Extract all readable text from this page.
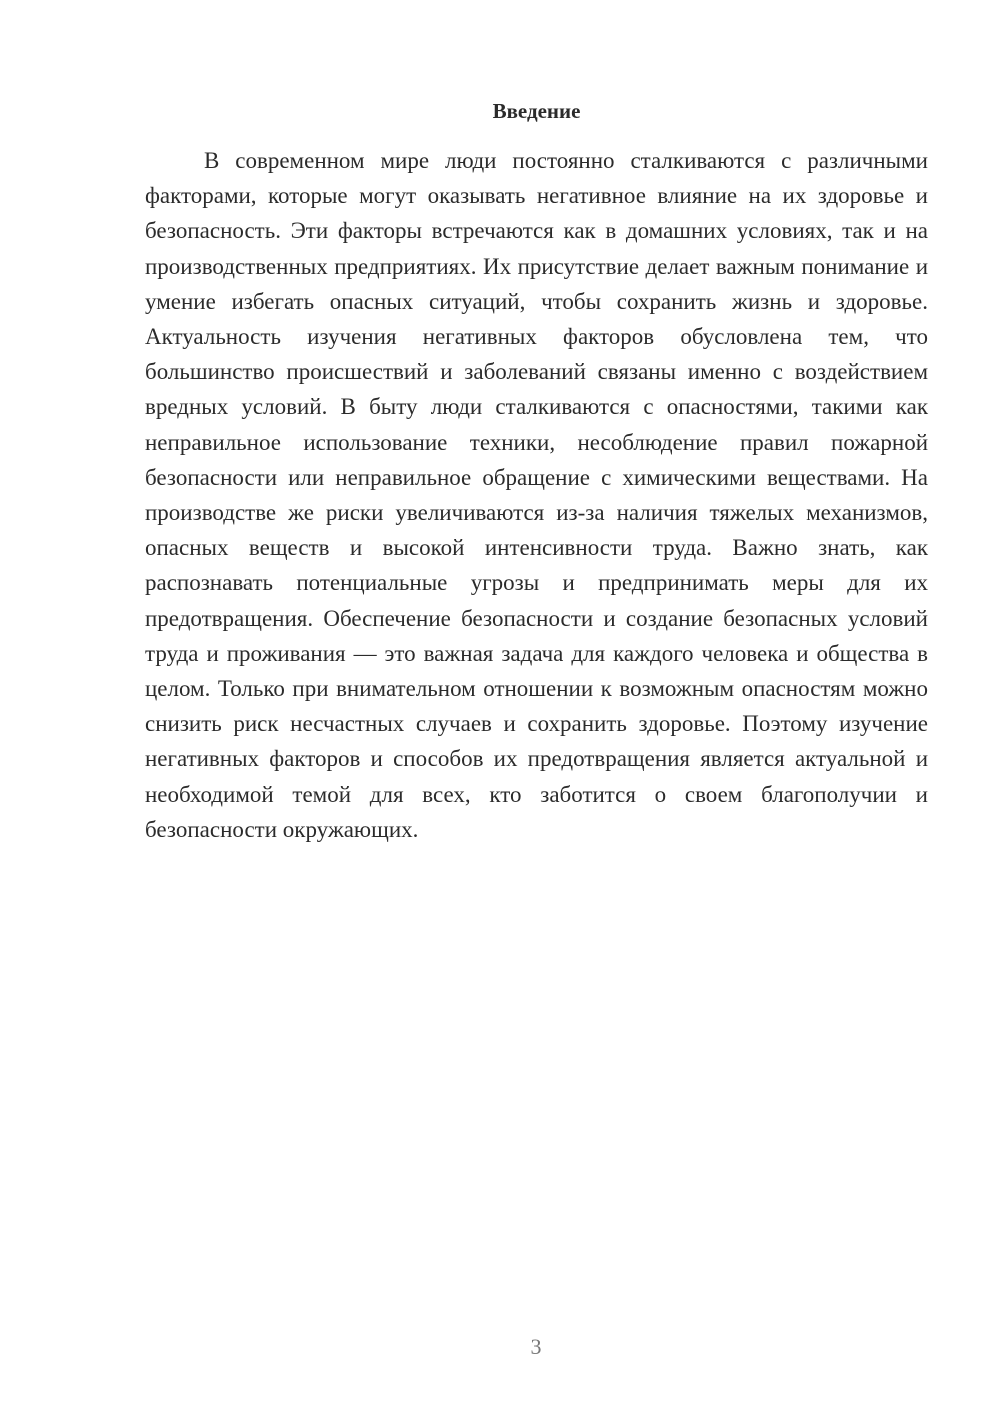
Введение

В современном мире люди постоянно сталкиваются с различными факторами, которые могут оказывать негативное влияние на их здоровье и безопасность. Эти факторы встречаются как в домашних условиях, так и на производственных предприятиях. Их присутствие делает важным понимание и умение избегать опасных ситуаций, чтобы сохранить жизнь и здоровье. Актуальность изучения негативных факторов обусловлена тем, что большинство происшествий и заболеваний связаны именно с воздействием вредных условий. В быту люди сталкиваются с опасностями, такими как неправильное использование техники, несоблюдение правил пожарной безопасности или неправильное обращение с химическими веществами. На производстве же риски увеличиваются из-за наличия тяжелых механизмов, опасных веществ и высокой интенсивности труда. Важно знать, как распознавать потенциальные угрозы и предпринимать меры для их предотвращения. Обеспечение безопасности и создание безопасных условий труда и проживания — это важная задача для каждого человека и общества в целом. Только при внимательном отношении к возможным опасностям можно снизить риск несчастных случаев и сохранить здоровье. Поэтому изучение негативных факторов и способов их предотвращения является актуальной и необходимой темой для всех, кто заботится о своем благополучии и безопасности окружающих.

3
